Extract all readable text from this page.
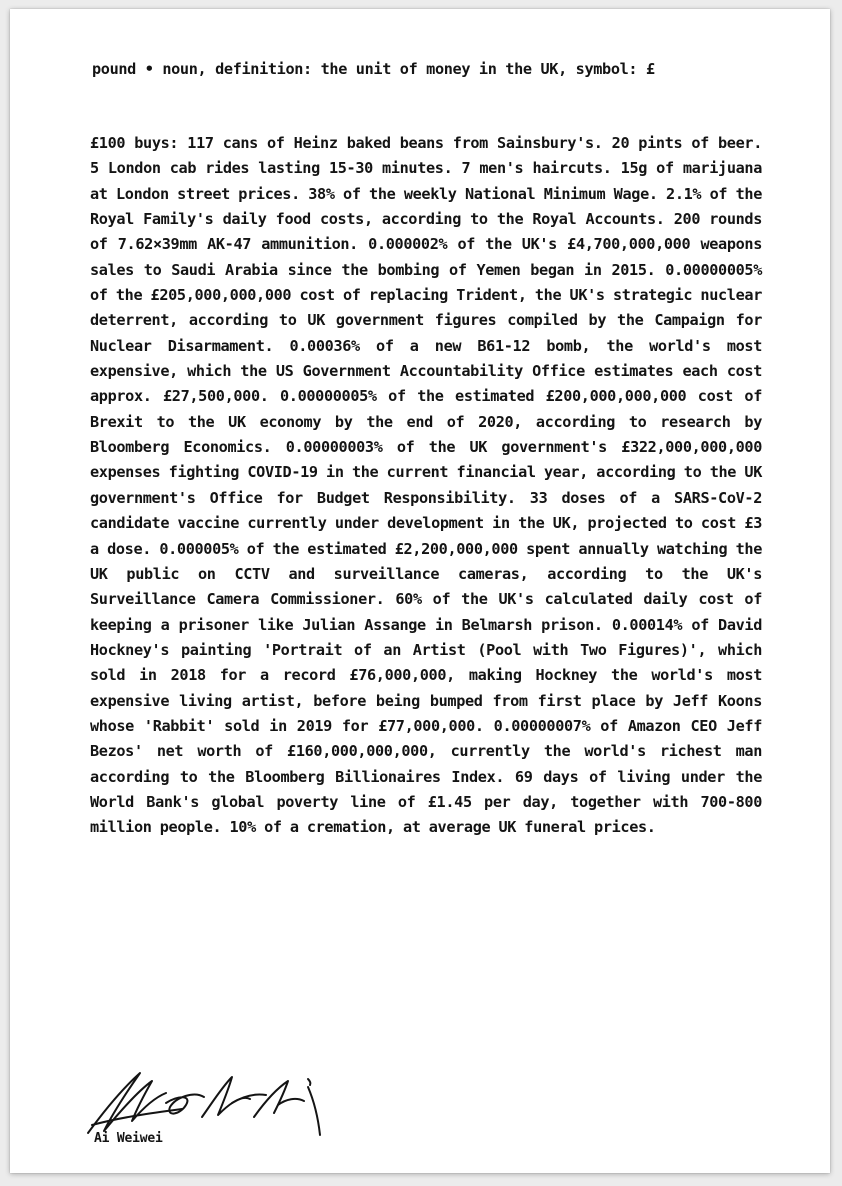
pound • noun, definition: the unit of money in the UK, symbol: £
£100 buys: 117 cans of Heinz baked beans from Sainsbury's. 20 pints of beer. 5 London cab rides lasting 15-30 minutes. 7 men's haircuts. 15g of marijuana at London street prices. 38% of the weekly National Minimum Wage. 2.1% of the Royal Family's daily food costs, according to the Royal Accounts. 200 rounds of 7.62×39mm AK-47 ammunition. 0.000002% of the UK's £4,700,000,000 weapons sales to Saudi Arabia since the bombing of Yemen began in 2015. 0.00000005% of the £205,000,000,000 cost of replacing Trident, the UK's strategic nuclear deterrent, according to UK government figures compiled by the Campaign for Nuclear Disarmament. 0.00036% of a new B61-12 bomb, the world's most expensive, which the US Government Accountability Office estimates each cost approx. £27,500,000. 0.00000005% of the estimated £200,000,000,000 cost of Brexit to the UK economy by the end of 2020, according to research by Bloomberg Economics. 0.00000003% of the UK government's £322,000,000,000 expenses fighting COVID-19 in the current financial year, according to the UK government's Office for Budget Responsibility. 33 doses of a SARS-CoV-2 candidate vaccine currently under development in the UK, projected to cost £3 a dose. 0.000005% of the estimated £2,200,000,000 spent annually watching the UK public on CCTV and surveillance cameras, according to the UK's Surveillance Camera Commissioner. 60% of the UK's calculated daily cost of keeping a prisoner like Julian Assange in Belmarsh prison. 0.00014% of David Hockney's painting 'Portrait of an Artist (Pool with Two Figures)', which sold in 2018 for a record £76,000,000, making Hockney the world's most expensive living artist, before being bumped from first place by Jeff Koons whose 'Rabbit' sold in 2019 for £77,000,000. 0.00000007% of Amazon CEO Jeff Bezos' net worth of £160,000,000,000, currently the world's richest man according to the Bloomberg Billionaires Index. 69 days of living under the World Bank's global poverty line of £1.45 per day, together with 700-800 million people. 10% of a cremation, at average UK funeral prices.
Ai Weiwei
